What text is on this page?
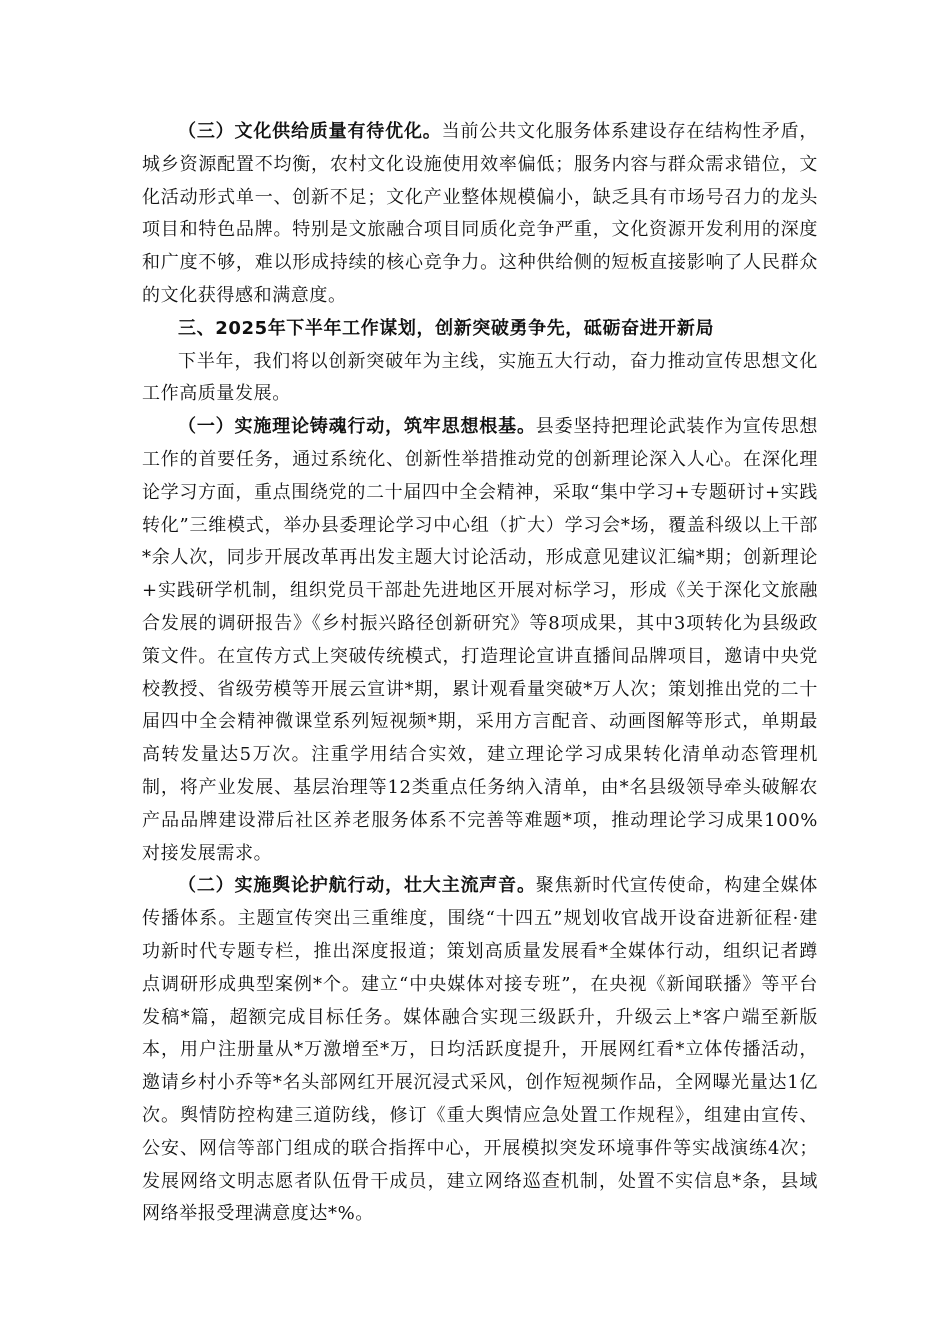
（三）文化供给质量有待优化。当前公共文化服务体系建设存在结构性矛盾，城乡资源配置不均衡，农村文化设施使用效率偏低；服务内容与群众需求错位，文化活动形式单一、创新不足；文化产业整体规模偏小，缺乏具有市场号召力的龙头项目和特色品牌。特别是文旅融合项目同质化竞争严重，文化资源开发利用的深度和广度不够，难以形成持续的核心竞争力。这种供给侧的短板直接影响了人民群众的文化获得感和满意度。

三、2025年下半年工作谋划，创新突破勇争先，砥砺奋进开新局

下半年，我们将以创新突破年为主线，实施五大行动，奋力推动宣传思想文化工作高质量发展。

（一）实施理论铸魂行动，筑牢思想根基。县委坚持把理论武装作为宣传思想工作的首要任务，通过系统化、创新性举措推动党的创新理论深入人心。在深化理论学习方面，重点围绕党的二十届四中全会精神，采取“集中学习+专题研讨+实践转化”三维模式，举办县委理论学习中心组（扩大）学习会*场，覆盖科级以上干部*余人次，同步开展改革再出发主题大讨论活动，形成意见建议汇编*期；创新理论+实践研学机制，组织党员干部赴先进地区开展对标学习，形成《关于深化文旅融合发展的调研报告》《乡村振兴路径创新研究》等8项成果，其中3项转化为县级政策文件。在宣传方式上突破传统模式，打造理论宣讲直播间品牌项目，邀请中央党校教授、省级劳模等开展云宣讲*期，累计观看量突破*万人次；策划推出党的二十届四中全会精神微课堂系列短视频*期，采用方言配音、动画图解等形式，单期最高转发量达5万次。注重学用结合实效，建立理论学习成果转化清单动态管理机制，将产业发展、基层治理等12类重点任务纳入清单，由*名县级领导牵头破解农产品品牌建设滞后社区养老服务体系不完善等难题*项，推动理论学习成果100%对接发展需求。

（二）实施舆论护航行动，壮大主流声音。聚焦新时代宣传使命，构建全媒体传播体系。主题宣传突出三重维度，围绕“十四五”规划收官战开设奋进新征程·建功新时代专题专栏，推出深度报道；策划高质量发展看*全媒体行动，组织记者蹲点调研形成典型案例*个。建立“中央媒体对接专班”，在央视《新闻联播》等平台发稿*篇，超额完成目标任务。媒体融合实现三级跃升，升级云上*客户端至新版本，用户注册量从*万激增至*万，日均活跃度提升，开展网红看*立体传播活动，邀请乡村小乔等*名头部网红开展沉浸式采风，创作短视频作品，全网曝光量达1亿次。舆情防控构建三道防线，修订《重大舆情应急处置工作规程》，组建由宣传、公安、网信等部门组成的联合指挥中心，开展模拟突发环境事件等实战演练4次；发展网络文明志愿者队伍骨干成员，建立网络巡查机制，处置不实信息*条，县域网络举报受理满意度达*%。
